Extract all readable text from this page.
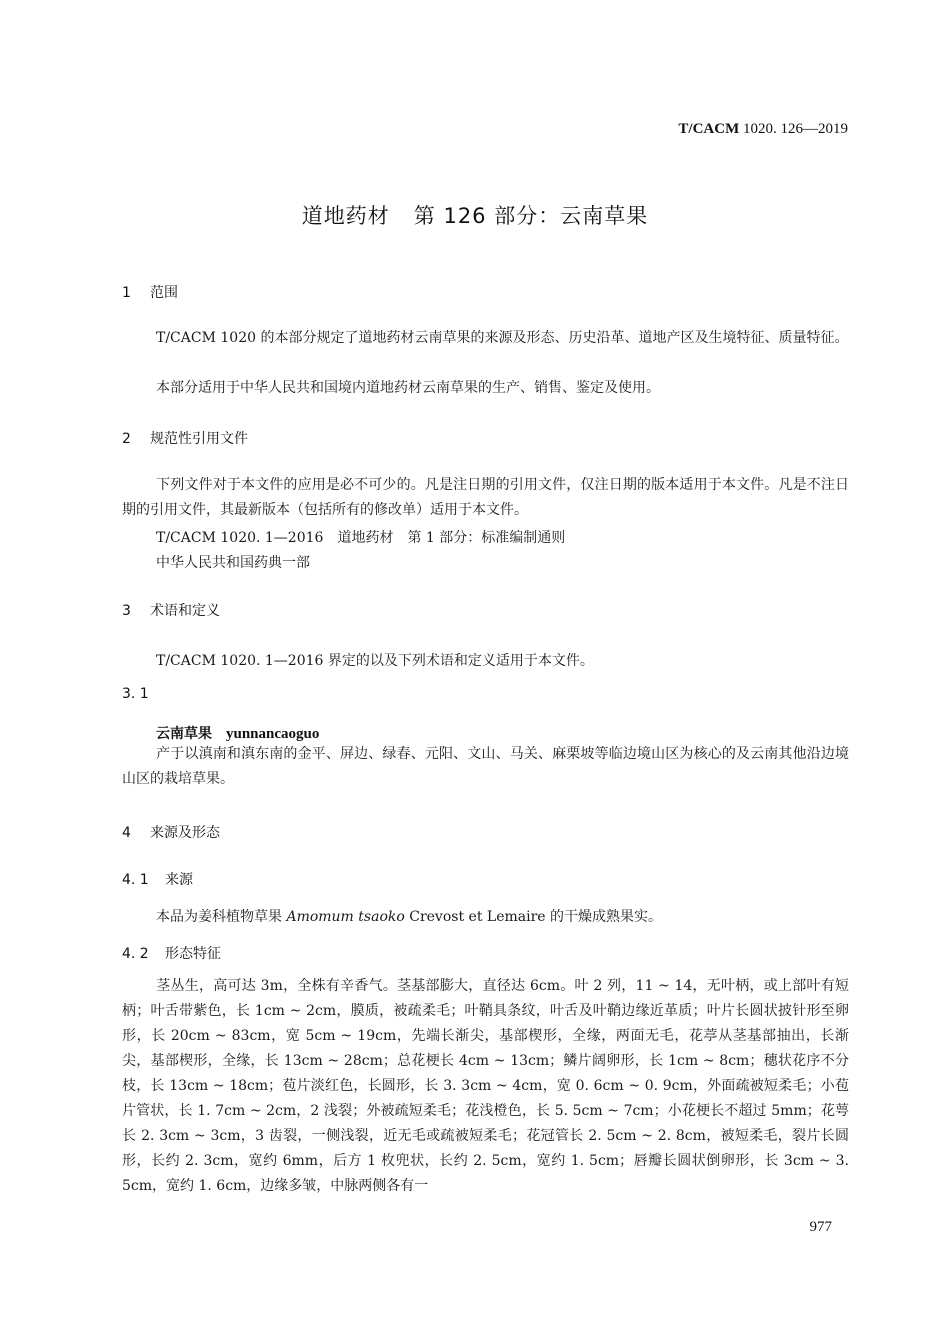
T/CACM 1020. 126—2019
道地药材 第 126 部分：云南草果
1 范围
T/CACM 1020 的本部分规定了道地药材云南草果的来源及形态、历史沿革、道地产区及生境特征、质量特征。
本部分适用于中华人民共和国境内道地药材云南草果的生产、销售、鉴定及使用。
2 规范性引用文件
下列文件对于本文件的应用是必不可少的。凡是注日期的引用文件，仅注日期的版本适用于本文件。凡是不注日期的引用文件，其最新版本（包括所有的修改单）适用于本文件。
T/CACM 1020. 1—2016　道地药材　第 1 部分：标准编制通则
中华人民共和国药典一部
3 术语和定义
T/CACM 1020. 1—2016 界定的以及下列术语和定义适用于本文件。
3. 1
云南草果 yunnancaoguo
产于以滇南和滇东南的金平、屏边、绿春、元阳、文山、马关、麻栗坡等临边境山区为核心的及云南其他沿边境山区的栽培草果。
4 来源及形态
4. 1 来源
本品为姜科植物草果 Amomum tsaoko Crevost et Lemaire 的干燥成熟果实。
4. 2 形态特征
茎丛生，高可达 3m，全株有辛香气。茎基部膨大，直径达 6cm。叶 2 列，11 ~ 14，无叶柄，或上部叶有短柄；叶舌带紫色，长 1cm ~ 2cm，膜质，被疏柔毛；叶鞘具条纹，叶舌及叶鞘边缘近革质；叶片长圆状披针形至卵形，长 20cm ~ 83cm，宽 5cm ~ 19cm，先端长渐尖，基部楔形，全缘，两面无毛，花葶从茎基部抽出，长渐尖，基部楔形，全缘，长 13cm ~ 28cm；总花梗长 4cm ~ 13cm；鳞片阔卵形，长 1cm ~ 8cm；穗状花序不分枝，长 13cm ~ 18cm；苞片淡红色，长圆形，长 3. 3cm ~ 4cm，宽 0. 6cm ~ 0. 9cm，外面疏被短柔毛；小苞片管状，长 1. 7cm ~ 2cm，2 浅裂；外被疏短柔毛；花浅橙色，长 5. 5cm ~ 7cm；小花梗长不超过 5mm；花萼长 2. 3cm ~ 3cm，3 齿裂，一侧浅裂，近无毛或疏被短柔毛；花冠管长 2. 5cm ~ 2. 8cm，被短柔毛，裂片长圆形，长约 2. 3cm，宽约 6mm，后方 1 枚兜状，长约 2. 5cm，宽约 1. 5cm；唇瓣长圆状倒卵形，长 3cm ~ 3. 5cm，宽约 1. 6cm，边缘多皱，中脉两侧各有一
977
